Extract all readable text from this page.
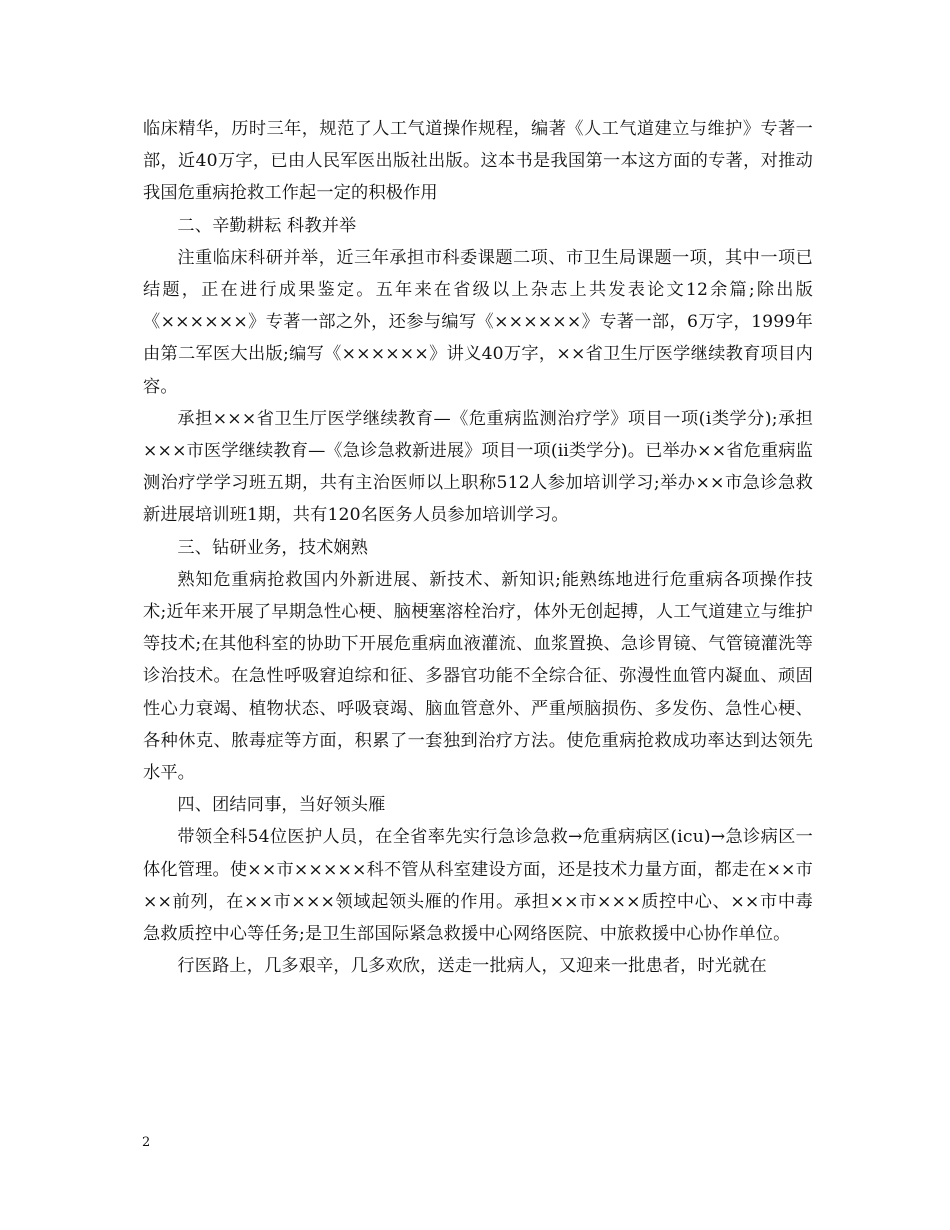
临床精华，历时三年，规范了人工气道操作规程，编著《人工气道建立与维护》专著一部，近40万字，已由人民军医出版社出版。这本书是我国第一本这方面的专著，对推动我国危重病抢救工作起一定的积极作用

二、辛勤耕耘 科教并举

注重临床科研并举，近三年承担市科委课题二项、市卫生局课题一项，其中一项已结题，正在进行成果鉴定。五年来在省级以上杂志上共发表论文12余篇;除出版《××××××》专著一部之外，还参与编写《××××××》专著一部，6万字，1999年由第二军医大出版;编写《××××××》讲义40万字，××省卫生厅医学继续教育项目内容。

承担×××省卫生厅医学继续教育—《危重病监测治疗学》项目一项(ⅰ类学分);承担×××市医学继续教育—《急诊急救新进展》项目一项(ⅱ类学分)。已举办××省危重病监测治疗学学习班五期，共有主治医师以上职称512人参加培训学习;举办××市急诊急救新进展培训班1期，共有120名医务人员参加培训学习。

三、钻研业务，技术娴熟

熟知危重病抢救国内外新进展、新技术、新知识;能熟练地进行危重病各项操作技术;近年来开展了早期急性心梗、脑梗塞溶栓治疗，体外无创起搏，人工气道建立与维护等技术;在其他科室的协助下开展危重病血液灌流、血浆置换、急诊胃镜、气管镜灌洗等诊治技术。在急性呼吸窘迫综和征、多器官功能不全综合征、弥漫性血管内凝血、顽固性心力衰竭、植物状态、呼吸衰竭、脑血管意外、严重颅脑损伤、多发伤、急性心梗、各种休克、脓毒症等方面，积累了一套独到治疗方法。使危重病抢救成功率达到达领先水平。

四、团结同事，当好领头雁

带领全科54位医护人员，在全省率先实行急诊急救→危重病病区(icu)→急诊病区一体化管理。使××市×××××科不管从科室建设方面，还是技术力量方面，都走在××市××前列，在××市×××领域起领头雁的作用。承担××市×××质控中心、××市中毒急救质控中心等任务;是卫生部国际紧急救援中心网络医院、中旅救援中心协作单位。

行医路上，几多艰辛，几多欢欣，送走一批病人，又迎来一批患者，时光就在

2
